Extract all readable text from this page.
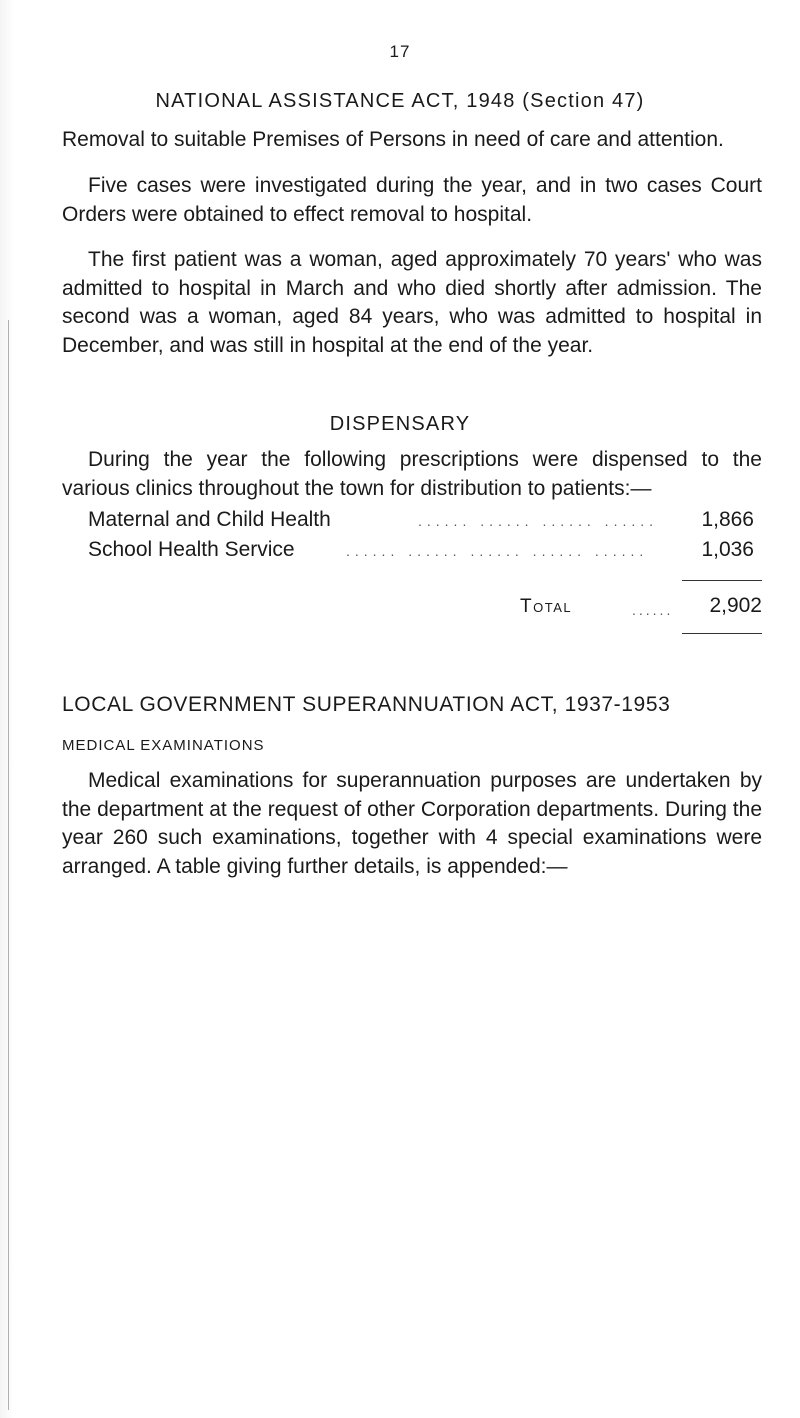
17
NATIONAL ASSISTANCE ACT, 1948 (Section 47)

Removal to suitable Premises of Persons in need of care and attention.

Five cases were investigated during the year, and in two cases Court Orders were obtained to effect removal to hospital.

The first patient was a woman, aged approximately 70 years' who was admitted to hospital in March and who died shortly after admission. The second was a woman, aged 84 years, who was admitted to hospital in December, and was still in hospital at the end of the year.

DISPENSARY

During the year the following prescriptions were dispensed to the various clinics throughout the town for distribution to patients:—

Maternal and Child Health	...... ...... ...... ...... 1,866
School Health Service	...... ...... ...... ...... ......	1,036
Total	...... 2,902
LOCAL GOVERNMENT SUPERANNUATION ACT, 1937-1953
MEDICAL EXAMINATIONS

Medical examinations for superannuation purposes are undertaken by the department at the request of other Corporation departments. During the year 260 such examinations, together with 4 special examinations were arranged. A table giving further details, is appended:—
